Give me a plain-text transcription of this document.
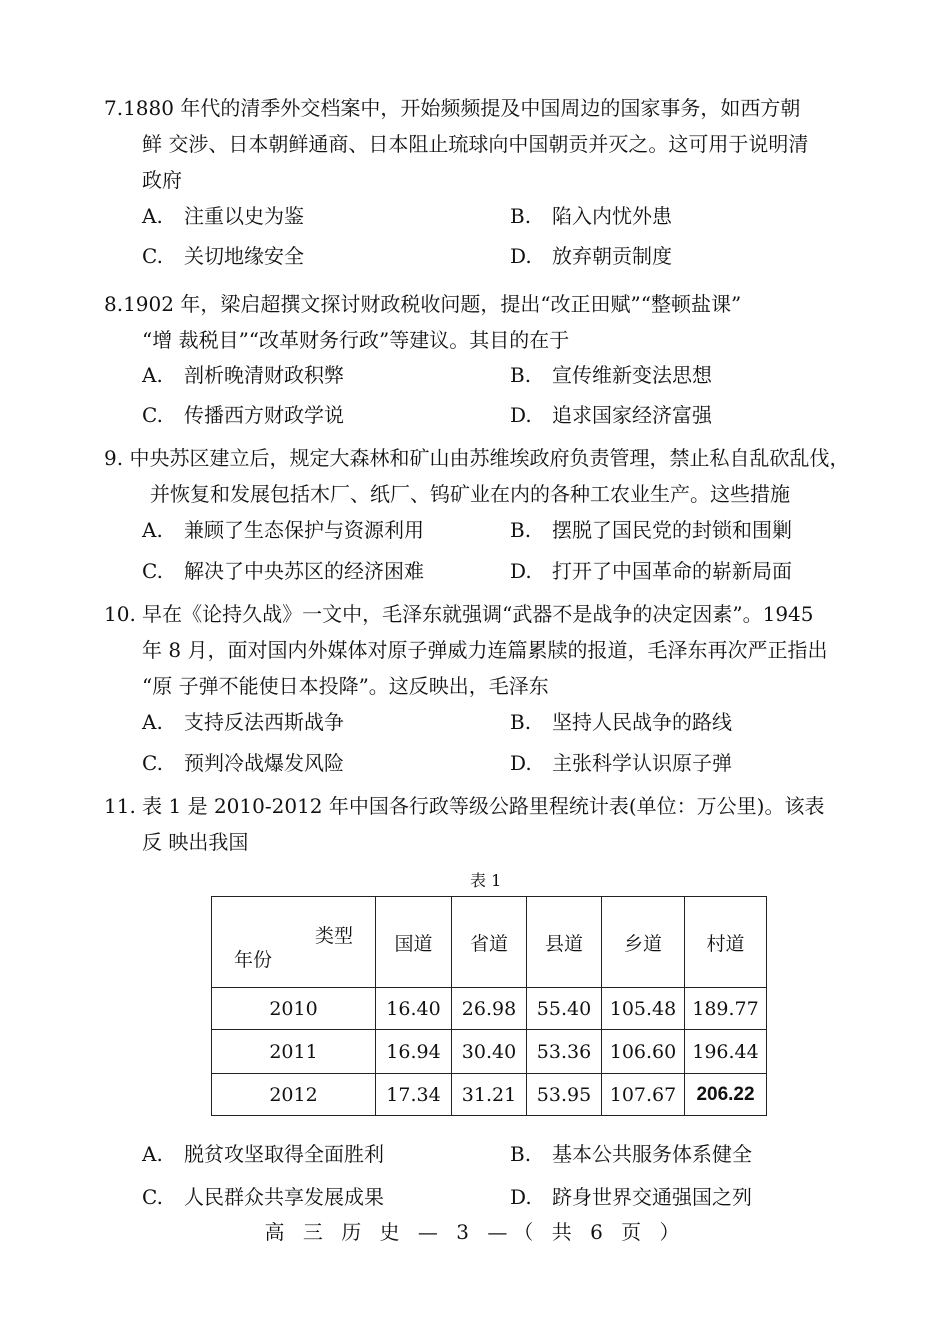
7.1880 年代的清季外交档案中，开始频频提及中国周边的国家事务，如西方朝
鲜 交涉、日本朝鲜通商、日本阻止琉球向中国朝贡并灭之。这可用于说明清
政府
A. 注重以史为鉴	B. 陷入内忧外患
C. 关切地缘安全	D. 放弃朝贡制度
8.1902 年，梁启超撰文探讨财政税收问题，提出“改正田赋”“整顿盐课”
“增 裁税目”“改革财务行政”等建议。其目的在于
A. 剖析晚清财政积弊	B. 宣传维新变法思想
C. 传播西方财政学说	D. 追求国家经济富强
9. 中央苏区建立后，规定大森林和矿山由苏维埃政府负责管理，禁止私自乱砍乱伐，
并恢复和发展包括木厂、纸厂、钨矿业在内的各种工农业生产。这些措施
A. 兼顾了生态保护与资源利用	B. 摆脱了国民党的封锁和围剿
C. 解决了中央苏区的经济困难	D. 打开了中国革命的崭新局面
10. 早在《论持久战》一文中，毛泽东就强调“武器不是战争的决定因素”。1945
年 8 月，面对国内外媒体对原子弹威力连篇累牍的报道，毛泽东再次严正指出
“原 子弹不能使日本投降”。这反映出，毛泽东
A. 支持反法西斯战争	B. 坚持人民战争的路线
C. 预判冷战爆发风险	D. 主张科学认识原子弹
11. 表 1 是 2010-2012 年中国各行政等级公路里程统计表(单位：万公里)。该表
反 映出我国
表 1
类型
年份	国道	省道	县道	乡道	村道
2010	16.40	26.98	55.40	105.48	189.77
2011	16.94	30.40	53.36	106.60	196.44
2012	17.34	31.21	53.95	107.67	206.22
A. 脱贫攻坚取得全面胜利	B. 基本公共服务体系健全
C. 人民群众共享发展成果	D. 跻身世界交通强国之列
高 三 历 史 — 3 —（ 共 6 页 ）
